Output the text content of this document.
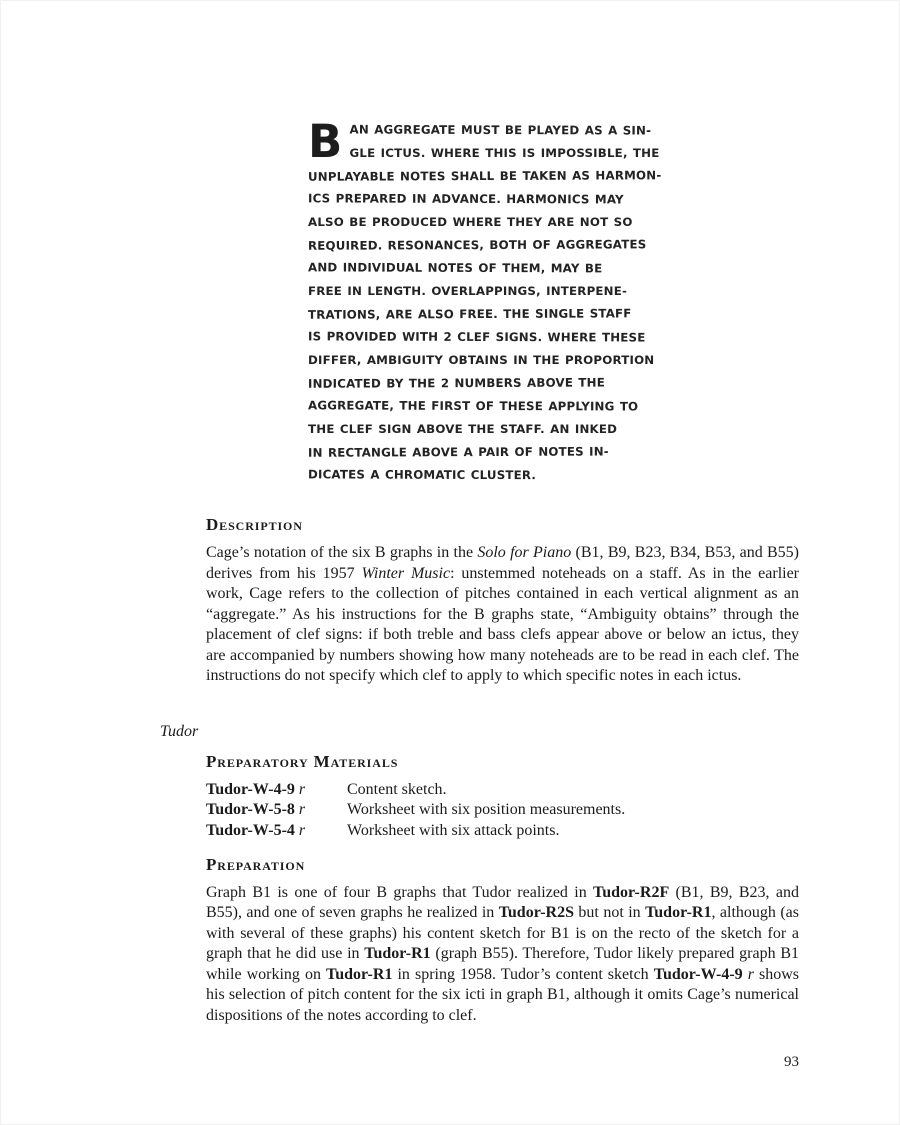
B AN AGGREGATE MUST BE PLAYED AS A SIN-
GLE ICTUS. WHERE THIS IS IMPOSSIBLE, THE
UNPLAYABLE NOTES SHALL BE TAKEN AS HARMON-
ICS PREPARED IN ADVANCE. HARMONICS MAY
ALSO BE PRODUCED WHERE THEY ARE NOT SO
REQUIRED. RESONANCES, BOTH OF AGGREGATES
AND INDIVIDUAL NOTES OF THEM, MAY BE
FREE IN LENGTH. OVERLAPPINGS, INTERPENE-
TRATIONS, ARE ALSO FREE. THE SINGLE STAFF
IS PROVIDED WITH 2 CLEF SIGNS. WHERE THESE
DIFFER, AMBIGUITY OBTAINS IN THE PROPORTION
INDICATED BY THE 2 NUMBERS ABOVE THE
AGGREGATE, THE FIRST OF THESE APPLYING TO
THE CLEF SIGN ABOVE THE STAFF. AN INKED
IN RECTANGLE ABOVE A PAIR OF NOTES IN-
DICATES A CHROMATIC CLUSTER.
Description

Cage’s notation of the six B graphs in the Solo for Piano (B1, B9, B23, B34, B53, and B55) derives from his 1957 Winter Music: unstemmed noteheads on a staff. As in the earlier work, Cage refers to the collection of pitches contained in each vertical alignment as an “aggregate.” As his instructions for the B graphs state, “Ambiguity obtains” through the placement of clef signs: if both treble and bass clefs appear above or below an ictus, they are accompanied by numbers showing how many noteheads are to be read in each clef. The instructions do not specify which clef to apply to which specific notes in each ictus.

Tudor
Preparatory Materials
Tudor-W-4-9 r	Content sketch.
Tudor-W-5-8 r	Worksheet with six position measurements.
Tudor-W-5-4 r	Worksheet with six attack points.
Preparation

Graph B1 is one of four B graphs that Tudor realized in Tudor-R2F (B1, B9, B23, and B55), and one of seven graphs he realized in Tudor-R2S but not in Tudor-R1, although (as with several of these graphs) his content sketch for B1 is on the recto of the sketch for a graph that he did use in Tudor-R1 (graph B55). Therefore, Tudor likely prepared graph B1 while working on Tudor-R1 in spring 1958. Tudor’s content sketch Tudor-W-4-9 r shows his selection of pitch content for the six icti in graph B1, although it omits Cage’s numerical dispositions of the notes according to clef.

93
